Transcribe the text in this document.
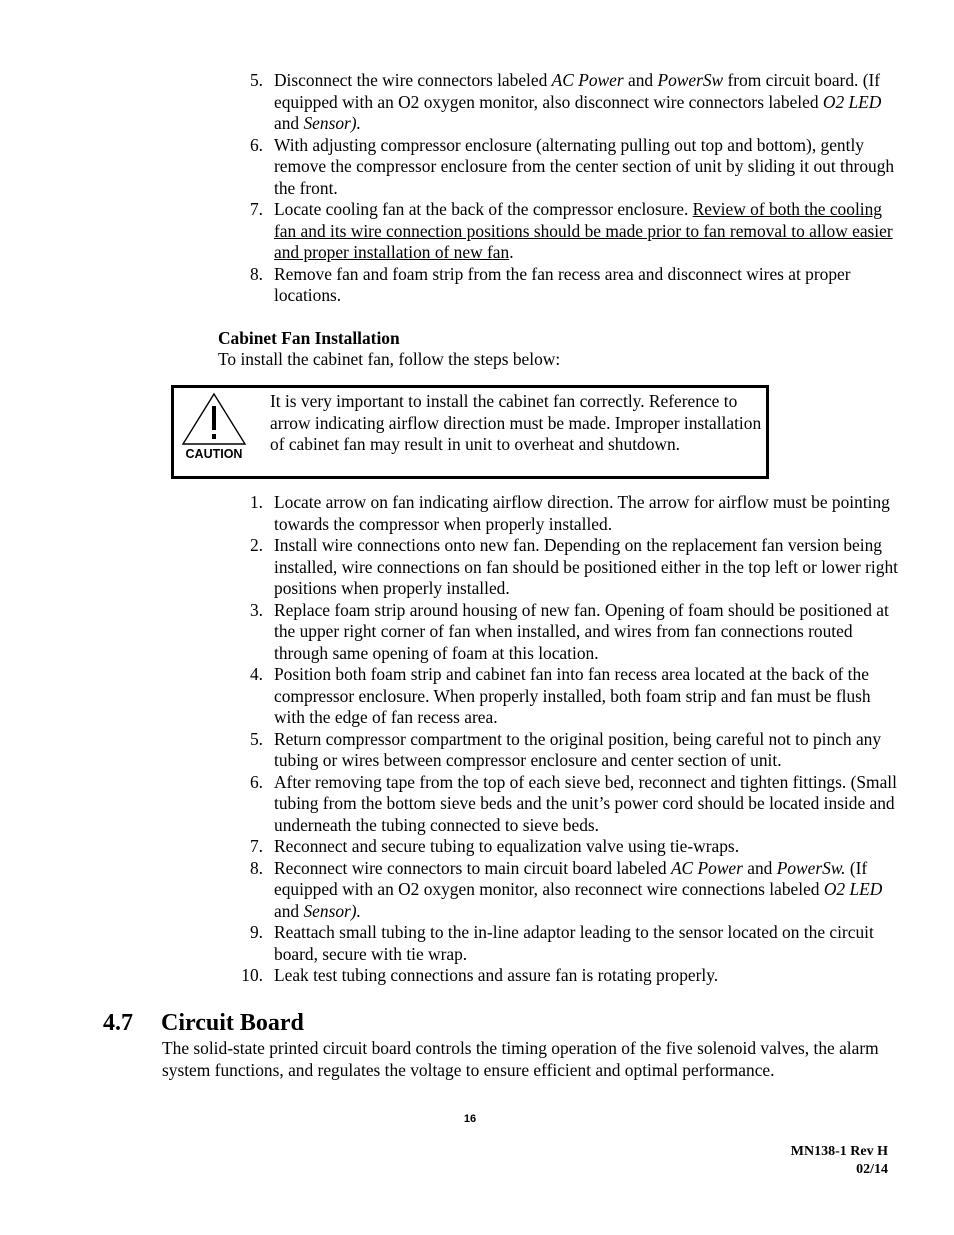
5. Disconnect the wire connectors labeled AC Power and PowerSw from circuit board. (If equipped with an O2 oxygen monitor, also disconnect wire connectors labeled O2 LED and Sensor).
6. With adjusting compressor enclosure (alternating pulling out top and bottom), gently remove the compressor enclosure from the center section of unit by sliding it out through the front.
7. Locate cooling fan at the back of the compressor enclosure. Review of both the cooling fan and its wire connection positions should be made prior to fan removal to allow easier and proper installation of new fan.
8. Remove fan and foam strip from the fan recess area and disconnect wires at proper locations.
Cabinet Fan Installation
To install the cabinet fan, follow the steps below:
CAUTION
It is very important to install the cabinet fan correctly. Reference to arrow indicating airflow direction must be made. Improper installation of cabinet fan may result in unit to overheat and shutdown.
1. Locate arrow on fan indicating airflow direction. The arrow for airflow must be pointing towards the compressor when properly installed.
2. Install wire connections onto new fan. Depending on the replacement fan version being installed, wire connections on fan should be positioned either in the top left or lower right positions when properly installed.
3. Replace foam strip around housing of new fan. Opening of foam should be positioned at the upper right corner of fan when installed, and wires from fan connections routed through same opening of foam at this location.
4. Position both foam strip and cabinet fan into fan recess area located at the back of the compressor enclosure. When properly installed, both foam strip and fan must be flush with the edge of fan recess area.
5. Return compressor compartment to the original position, being careful not to pinch any tubing or wires between compressor enclosure and center section of unit.
6. After removing tape from the top of each sieve bed, reconnect and tighten fittings. (Small tubing from the bottom sieve beds and the unit’s power cord should be located inside and underneath the tubing connected to sieve beds.
7. Reconnect and secure tubing to equalization valve using tie-wraps.
8. Reconnect wire connectors to main circuit board labeled AC Power and PowerSw. (If equipped with an O2 oxygen monitor, also reconnect wire connections labeled O2 LED and Sensor).
9. Reattach small tubing to the in-line adaptor leading to the sensor located on the circuit board, secure with tie wrap.
10. Leak test tubing connections and assure fan is rotating properly.
4.7 Circuit Board
The solid-state printed circuit board controls the timing operation of the five solenoid valves, the alarm system functions, and regulates the voltage to ensure efficient and optimal performance.
16
MN138-1 Rev H
02/14
